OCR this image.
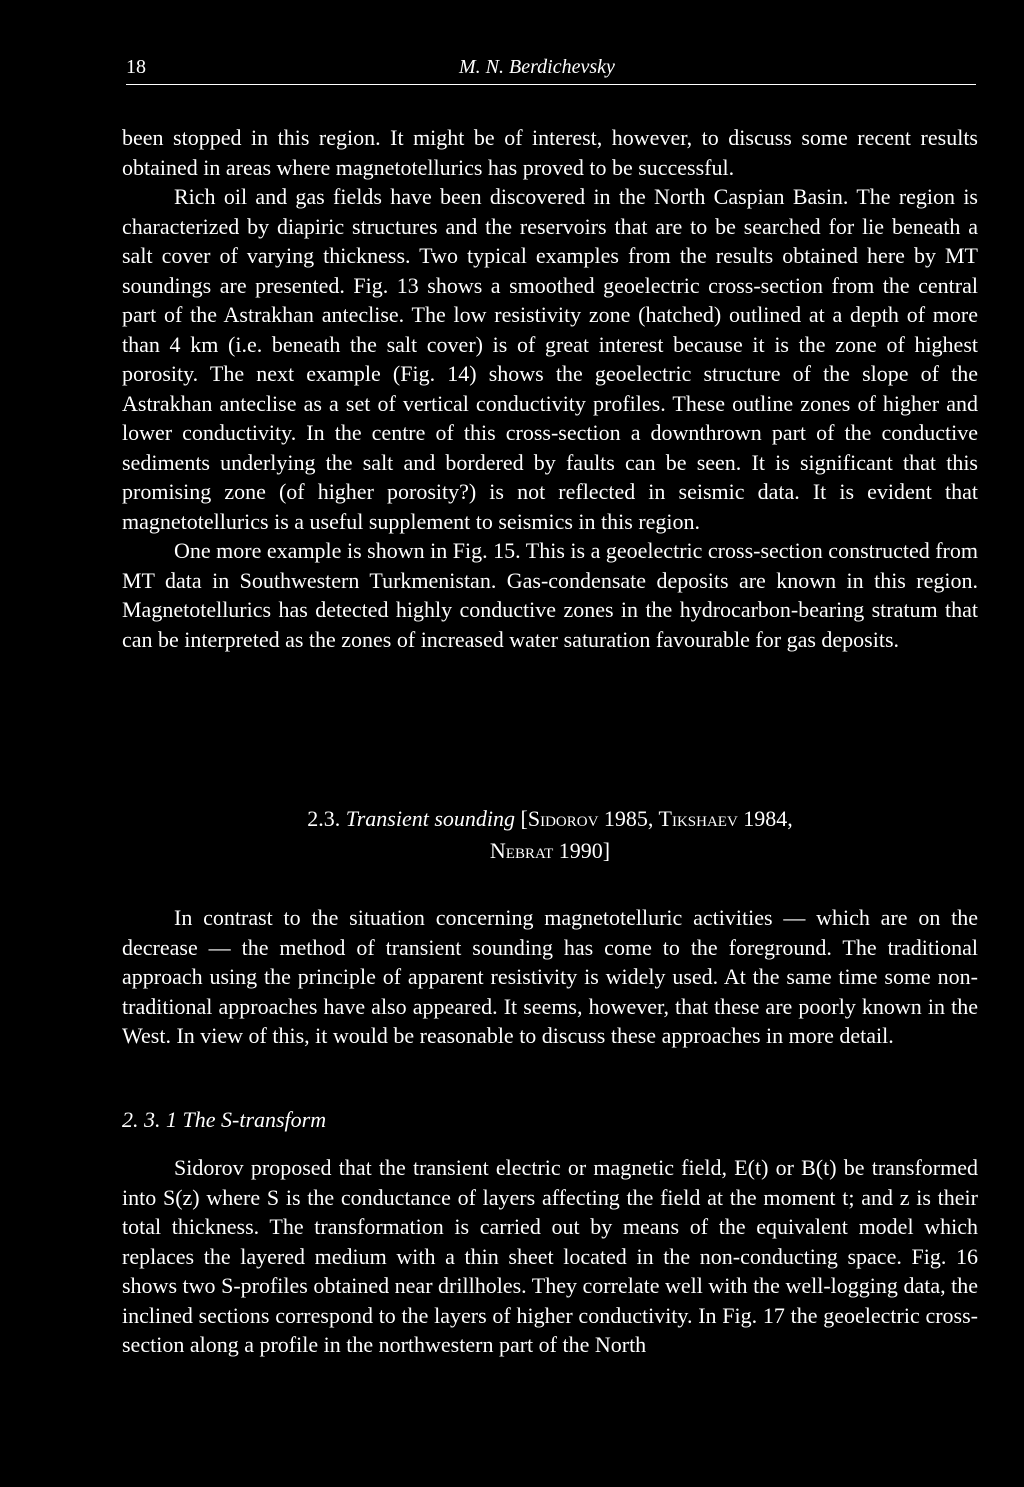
18	M. N. Berdichevsky

been stopped in this region. It might be of interest, however, to discuss some recent results obtained in areas where magnetotellurics has proved to be successful.

Rich oil and gas fields have been discovered in the North Caspian Basin. The region is characterized by diapiric structures and the reservoirs that are to be searched for lie beneath a salt cover of varying thickness. Two typical examples from the results obtained here by MT soundings are presented. Fig. 13 shows a smoothed geoelectric cross-section from the central part of the Astrakhan anteclise. The low resistivity zone (hatched) outlined at a depth of more than 4 km (i.e. beneath the salt cover) is of great interest because it is the zone of highest porosity. The next example (Fig. 14) shows the geoelectric structure of the slope of the Astrakhan anteclise as a set of vertical conductivity profiles. These outline zones of higher and lower conductivity. In the centre of this cross-section a downthrown part of the conductive sediments underlying the salt and bordered by faults can be seen. It is significant that this promising zone (of higher porosity?) is not reflected in seismic data. It is evident that magnetotellurics is a useful supplement to seismics in this region.

One more example is shown in Fig. 15. This is a geoelectric cross-section constructed from MT data in Southwestern Turkmenistan. Gas-condensate deposits are known in this region. Magnetotellurics has detected highly conductive zones in the hydrocarbon-bearing stratum that can be interpreted as the zones of increased water saturation favourable for gas deposits.

2.3. Transient sounding [Sidorov 1985, Tikshaev 1984,
Nebrat 1990]

In contrast to the situation concerning magnetotelluric activities — which are on the decrease — the method of transient sounding has come to the foreground. The traditional approach using the principle of apparent resistivity is widely used. At the same time some non-traditional approaches have also appeared. It seems, however, that these are poorly known in the West. In view of this, it would be reasonable to discuss these approaches in more detail.

2. 3. 1 The S-transform

Sidorov proposed that the transient electric or magnetic field, E(t) or B(t) be transformed into S(z) where S is the conductance of layers affecting the field at the moment t; and z is their total thickness. The transformation is carried out by means of the equivalent model which replaces the layered medium with a thin sheet located in the non-conducting space. Fig. 16 shows two S-profiles obtained near drillholes. They correlate well with the well-logging data, the inclined sections correspond to the layers of higher conductivity. In Fig. 17 the geoelectric cross-section along a profile in the northwestern part of the North
